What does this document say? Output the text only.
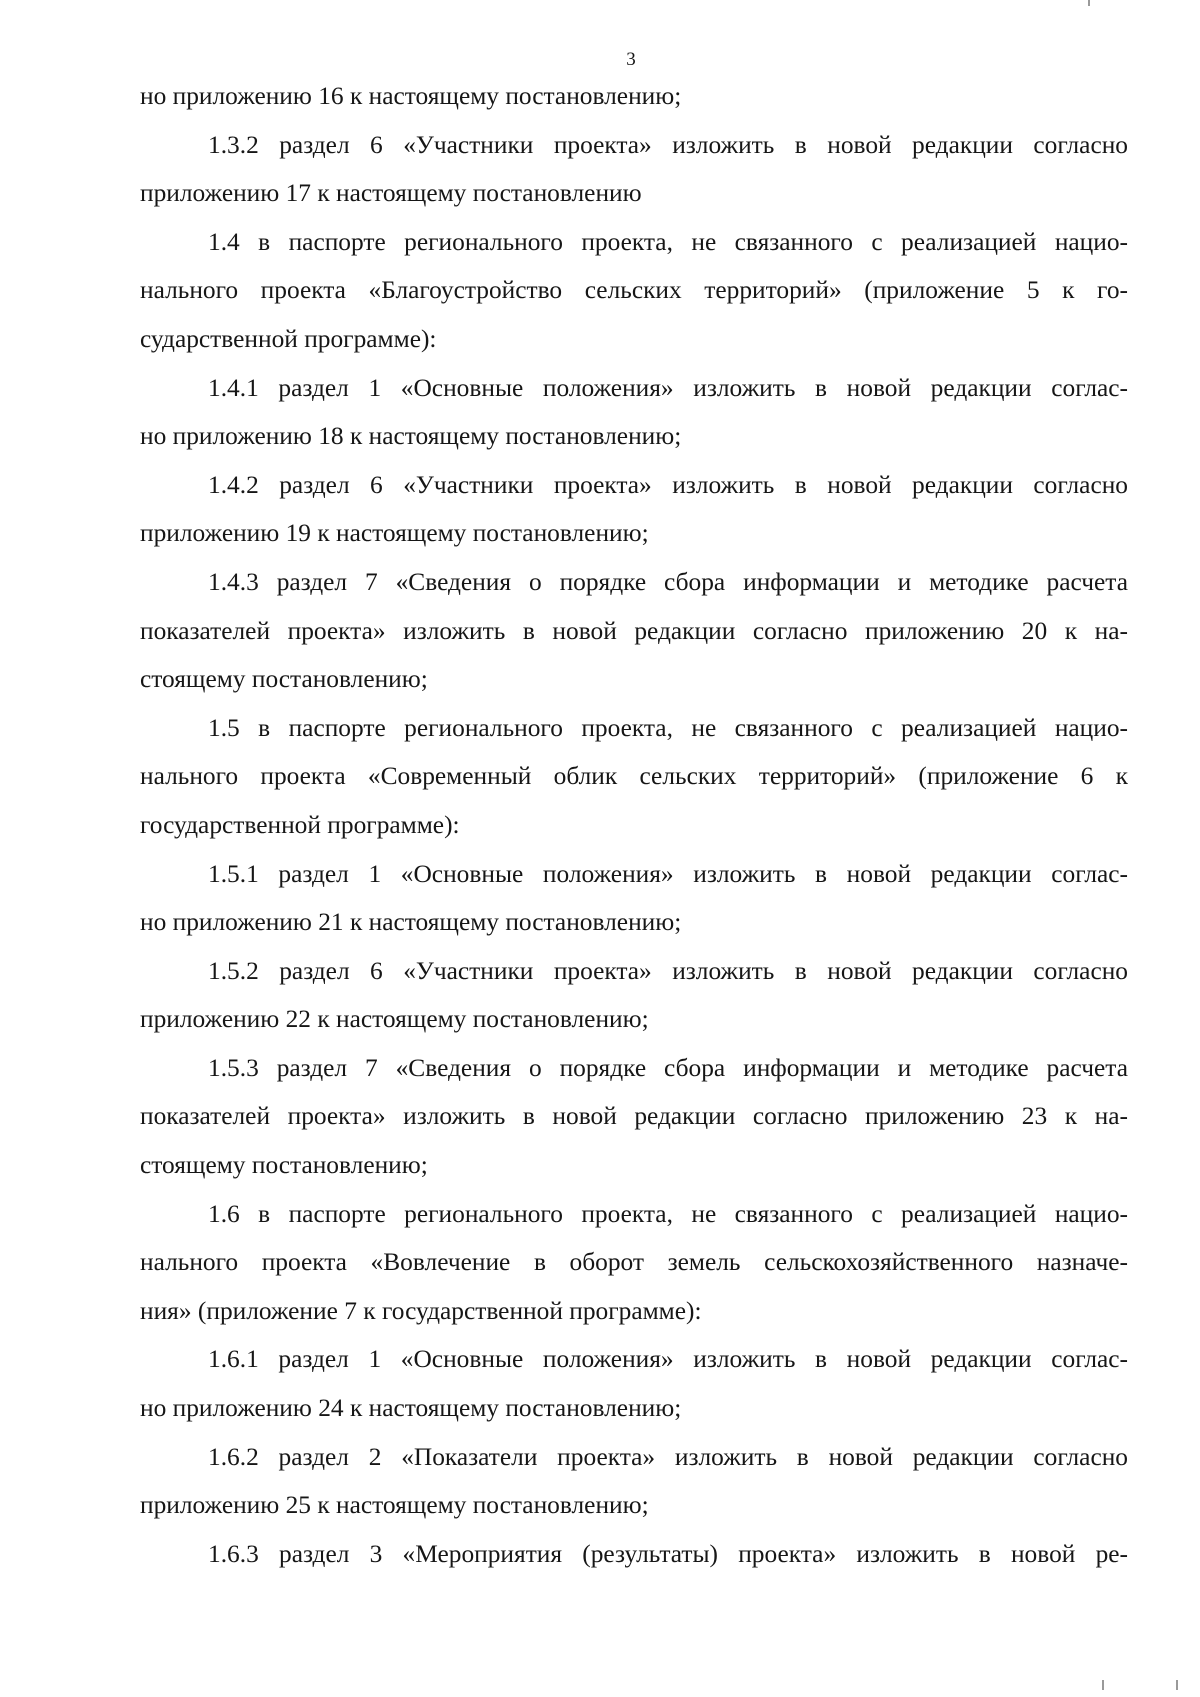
3
но приложению 16 к настоящему постановлению;
1.3.2 раздел 6 «Участники проекта» изложить в новой редакции согласно
приложению 17 к настоящему постановлению
1.4 в паспорте регионального проекта, не связанного с реализацией нацио-
нального проекта «Благоустройство сельских территорий» (приложение 5 к го-
сударственной программе):
1.4.1 раздел 1 «Основные положения» изложить в новой редакции соглас-
но приложению 18 к настоящему постановлению;
1.4.2 раздел 6 «Участники проекта» изложить в новой редакции согласно
приложению 19 к настоящему постановлению;
1.4.3 раздел 7 «Сведения о порядке сбора информации и методике расчета
показателей проекта» изложить в новой редакции согласно приложению 20 к на-
стоящему постановлению;
1.5 в паспорте регионального проекта, не связанного с реализацией нацио-
нального проекта «Современный облик сельских территорий» (приложение 6 к
государственной программе):
1.5.1 раздел 1 «Основные положения» изложить в новой редакции соглас-
но приложению 21 к настоящему постановлению;
1.5.2 раздел 6 «Участники проекта» изложить в новой редакции согласно
приложению 22 к настоящему постановлению;
1.5.3 раздел 7 «Сведения о порядке сбора информации и методике расчета
показателей проекта» изложить в новой редакции согласно приложению 23 к на-
стоящему постановлению;
1.6 в паспорте регионального проекта, не связанного с реализацией нацио-
нального проекта «Вовлечение в оборот земель сельскохозяйственного назначе-
ния» (приложение 7 к государственной программе):
1.6.1 раздел 1 «Основные положения» изложить в новой редакции соглас-
но приложению 24 к настоящему постановлению;
1.6.2 раздел 2 «Показатели проекта» изложить в новой редакции согласно
приложению 25 к настоящему постановлению;
1.6.3 раздел 3 «Мероприятия (результаты) проекта» изложить в новой ре-
